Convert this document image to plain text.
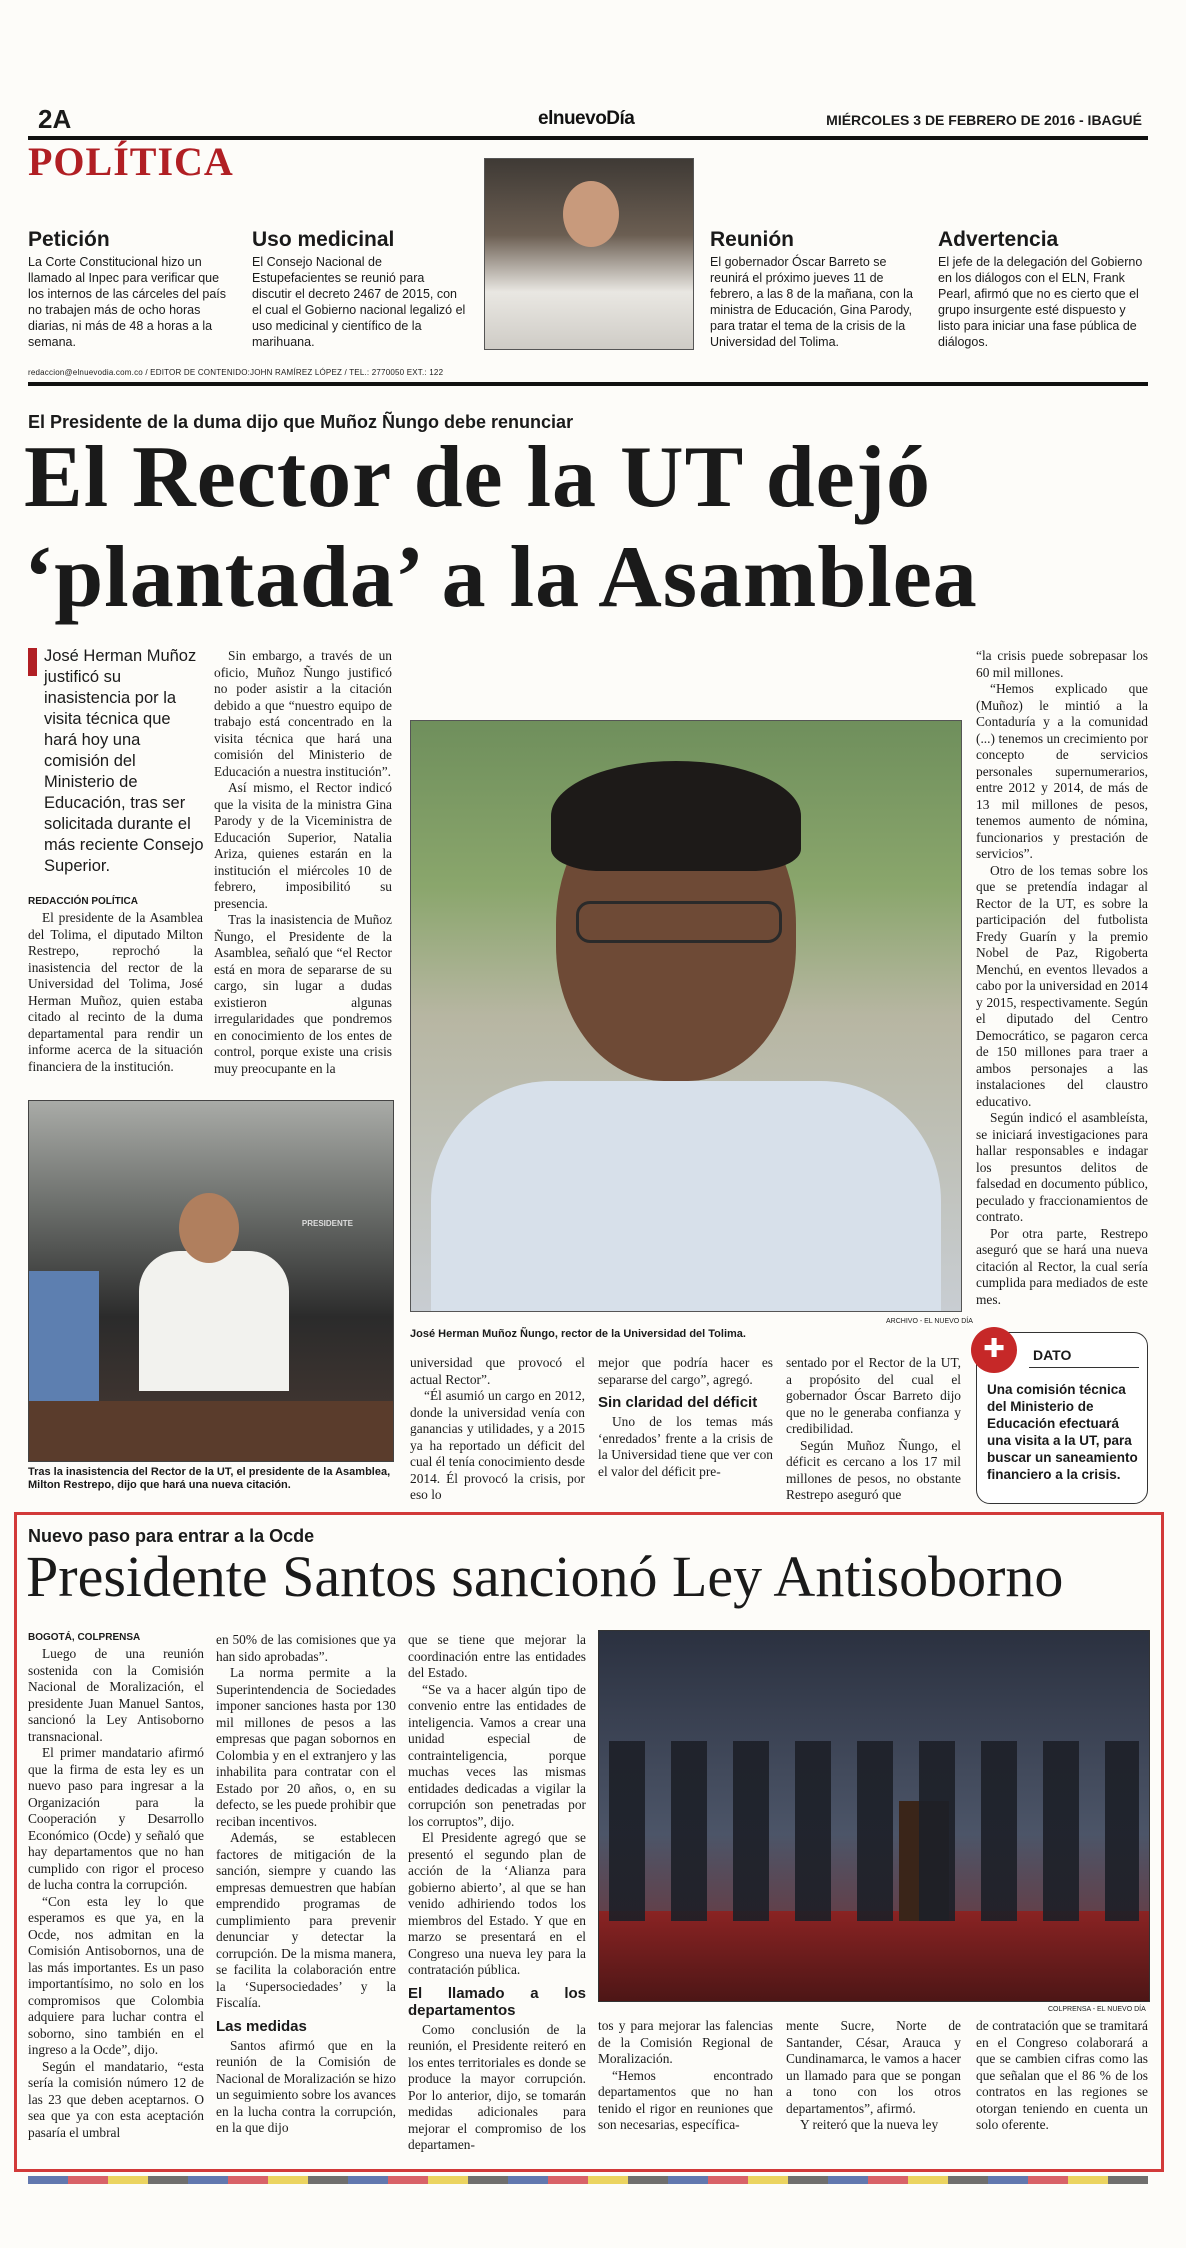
2A	elnuevoDía	MIÉRCOLES 3 DE FEBRERO DE 2016 - IBAGUÉ
POLÍTICA
Petición
La Corte Constitucional hizo un llamado al Inpec para verificar que los internos de las cárceles del país no trabajen más de ocho horas diarias, ni más de 48 a horas a la semana.
Uso medicinal
El Consejo Nacional de Estupefacientes se reunió para discutir el decreto 2467 de 2015, con el cual el Gobierno nacional legalizó el uso medicinal y científico de la marihuana.
Reunión
El gobernador Óscar Barreto se reunirá el próximo jueves 11 de febrero, a las 8 de la mañana, con la ministra de Educación, Gina Parody, para tratar el tema de la crisis de la Universidad del Tolima.
Advertencia
El jefe de la delegación del Gobierno en los diálogos con el ELN, Frank Pearl, afirmó que no es cierto que el grupo insurgente esté dispuesto y listo para iniciar una fase pública de diálogos.
redaccion@elnuevodia.com.co / EDITOR DE CONTENIDO:JOHN RAMÍREZ LÓPEZ / TEL.: 2770050 EXT.: 122
El Presidente de la duma dijo que Muñoz Ñungo debe renunciar
El Rector de la UT dejó
‘plantada’ a la Asamblea
José Herman Muñoz justificó su inasistencia por la visita técnica que hará hoy una comisión del Ministerio de Educación, tras ser solicitada durante el más reciente Consejo Superior.
REDACCIÓN POLÍTICA

El presidente de la Asamblea del Tolima, el diputado Milton Restrepo, reprochó la inasistencia del rector de la Universidad del Tolima, José Herman Muñoz, quien estaba citado al recinto de la duma departamental para rendir un informe acerca de la situación financiera de la institución.

Sin embargo, a través de un oficio, Muñoz Ñungo justificó no poder asistir a la citación debido a que “nuestro equipo de trabajo está concentrado en la visita técnica que hará una comisión del Ministerio de Educación a nuestra institución”.

Así mismo, el Rector indicó que la visita de la ministra Gina Parody y de la Viceministra de Educación Superior, Natalia Ariza, quienes estarán en la institución el miércoles 10 de febrero, imposibilitó su presencia.

Tras la inasistencia de Muñoz Ñungo, el Presidente de la Asamblea, señaló que “el Rector está en mora de separarse de su cargo, sin lugar a dudas existieron algunas irregularidades que pondremos en conocimiento de los entes de control, porque existe una crisis muy preocupante en la

PRESIDENTE
Tras la inasistencia del Rector de la UT, el presidente de la Asamblea, Milton Restrepo, dijo que hará una nueva citación.
ARCHIVO - EL NUEVO DÍA
José Herman Muñoz Ñungo, rector de la Universidad del Tolima.

universidad que provocó el actual Rector”.

“Él asumió un cargo en 2012, donde la universidad venía con ganancias y utilidades, y a 2015 ya ha reportado un déficit del cual él tenía conocimiento desde 2014. Él provocó la crisis, por eso lo

mejor que podría hacer es separarse del cargo”, agregó.

Sin claridad del déficit

Uno de los temas más ‘enredados’ frente a la crisis de la Universidad tiene que ver con el valor del déficit pre-

sentado por el Rector de la UT, a propósito del cual el gobernador Óscar Barreto dijo que no le generaba confianza y credibilidad.

Según Muñoz Ñungo, el déficit es cercano a los 17 mil millones de pesos, no obstante Restrepo aseguró que

“la crisis puede sobrepasar los 60 mil millones.

“Hemos explicado que (Muñoz) le mintió a la Contaduría y a la comunidad (...) tenemos un crecimiento por concepto de servicios personales supernumerarios, entre 2012 y 2014, de más de 13 mil millones de pesos, tenemos aumento de nómina, funcionarios y prestación de servicios”.

Otro de los temas sobre los que se pretendía indagar al Rector de la UT, es sobre la participación del futbolista Fredy Guarín y la premio Nobel de Paz, Rigoberta Menchú, en eventos llevados a cabo por la universidad en 2014 y 2015, respectivamente. Según el diputado del Centro Democrático, se pagaron cerca de 150 millones para traer a ambos personajes a las instalaciones del claustro educativo.

Según indicó el asambleísta, se iniciará investigaciones para hallar responsables e indagar los presuntos delitos de falsedad en documento público, peculado y fraccionamientos de contrato.

Por otra parte, Restrepo aseguró que se hará una nueva citación al Rector, la cual sería cumplida para mediados de este mes.

✚	DATO
Una comisión técnica del Ministerio de Educación efectuará una visita a la UT, para buscar un saneamiento financiero a la crisis.
Nuevo paso para entrar a la Ocde
Presidente Santos sancionó Ley Antisoborno
BOGOTÁ, COLPRENSA

Luego de una reunión sostenida con la Comisión Nacional de Moralización, el presidente Juan Manuel Santos, sancionó la Ley Antisoborno transnacional.

El primer mandatario afirmó que la firma de esta ley es un nuevo paso para ingresar a la Organización para la Cooperación y Desarrollo Económico (Ocde) y señaló que hay departamentos que no han cumplido con rigor el proceso de lucha contra la corrupción.

“Con esta ley lo que esperamos es que ya, en la Ocde, nos admitan en la Comisión Antisobornos, una de las más importantes. Es un paso importantísimo, no solo en los compromisos que Colombia adquiere para luchar contra el soborno, sino también en el ingreso a la Ocde”, dijo.

Según el mandatario, “esta sería la comisión número 12 de las 23 que deben aceptarnos. O sea que ya con esta aceptación pasaría el umbral

en 50% de las comisiones que ya han sido aprobadas”.

La norma permite a la Superintendencia de Sociedades imponer sanciones hasta por 130 mil millones de pesos a las empresas que pagan sobornos en Colombia y en el extranjero y las inhabilita para contratar con el Estado por 20 años, o, en su defecto, se les puede prohibir que reciban incentivos.

Además, se establecen factores de mitigación de la sanción, siempre y cuando las empresas demuestren que habían emprendido programas de cumplimiento para prevenir denunciar y detectar la corrupción. De la misma manera, se facilita la colaboración entre la ‘Supersociedades’ y la Fiscalía.

Las medidas

Santos afirmó que en la reunión de la Comisión de Nacional de Moralización se hizo un seguimiento sobre los avances en la lucha contra la corrupción, en la que dijo

que se tiene que mejorar la coordinación entre las entidades del Estado.

“Se va a hacer algún tipo de convenio entre las entidades de inteligencia. Vamos a crear una unidad especial de contrainteligencia, porque muchas veces las mismas entidades dedicadas a vigilar la corrupción son penetradas por los corruptos”, dijo.

El Presidente agregó que se presentó el segundo plan de acción de la ‘Alianza para gobierno abierto’, al que se han venido adhiriendo todos los miembros del Estado. Y que en marzo se presentará en el Congreso una nueva ley para la contratación pública.

El llamado a los departamentos

Como conclusión de la reunión, el Presidente reiteró en los entes territoriales es donde se produce la mayor corrupción. Por lo anterior, dijo, se tomarán medidas adicionales para mejorar el compromiso de los departamen-

COLPRENSA - EL NUEVO DÍA

tos y para mejorar las falencias de la Comisión Regional de Moralización.

“Hemos encontrado departamentos que no han tenido el rigor en reuniones que son necesarias, específica-

mente Sucre, Norte de Santander, César, Arauca y Cundinamarca, le vamos a hacer un llamado para que se pongan a tono con los otros departamentos”, afirmó.

Y reiteró que la nueva ley

de contratación que se tramitará en el Congreso colaborará a que se cambien cifras como las que señalan que el 86 % de los contratos en las regiones se otorgan teniendo en cuenta un solo oferente.
